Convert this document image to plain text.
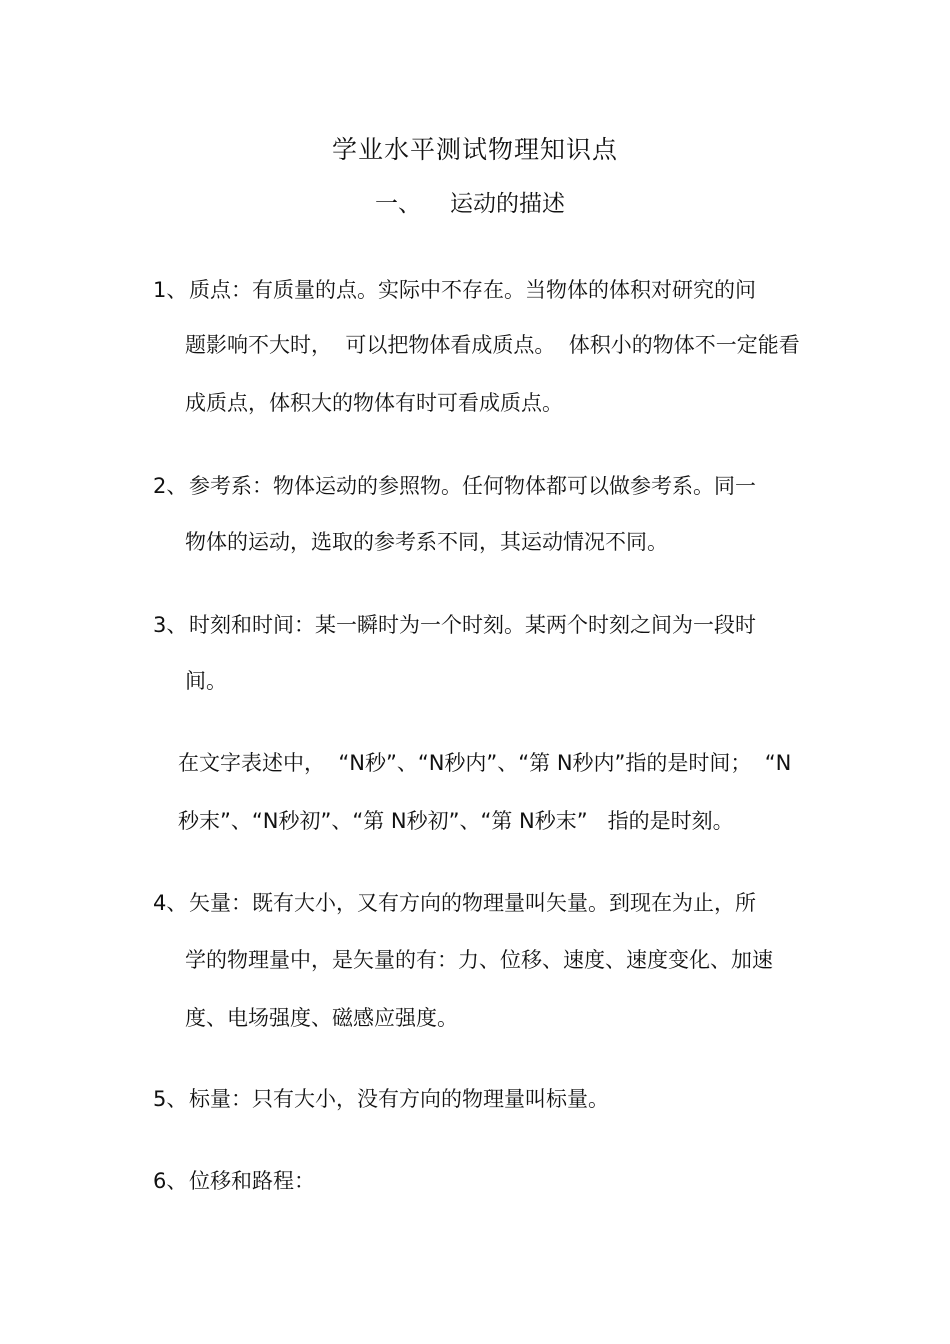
学业水平测试物理知识点
一、 运动的描述
1、 质点：有质量的点。实际中不存在。当物体的体积对研究的问
题影响不大时，  可以把物体看成质点。  体积小的物体不一定能看
成质点，体积大的物体有时可看成质点。
2、 参考系：物体运动的参照物。任何物体都可以做参考系。同一
物体的运动，选取的参考系不同，其运动情况不同。
3、 时刻和时间：某一瞬时为一个时刻。某两个时刻之间为一段时
间。
在文字表述中，  “N秒”、“N秒内”、“第 N秒内”指的是时间；  “N
秒末”、“N秒初”、“第 N秒初”、“第 N秒末”   指的是时刻。
4、 矢量：既有大小，又有方向的物理量叫矢量。到现在为止，所
学的物理量中，是矢量的有：力、位移、速度、速度变化、加速
度、电场强度、磁感应强度。
5、 标量：只有大小，没有方向的物理量叫标量。
6、 位移和路程：
